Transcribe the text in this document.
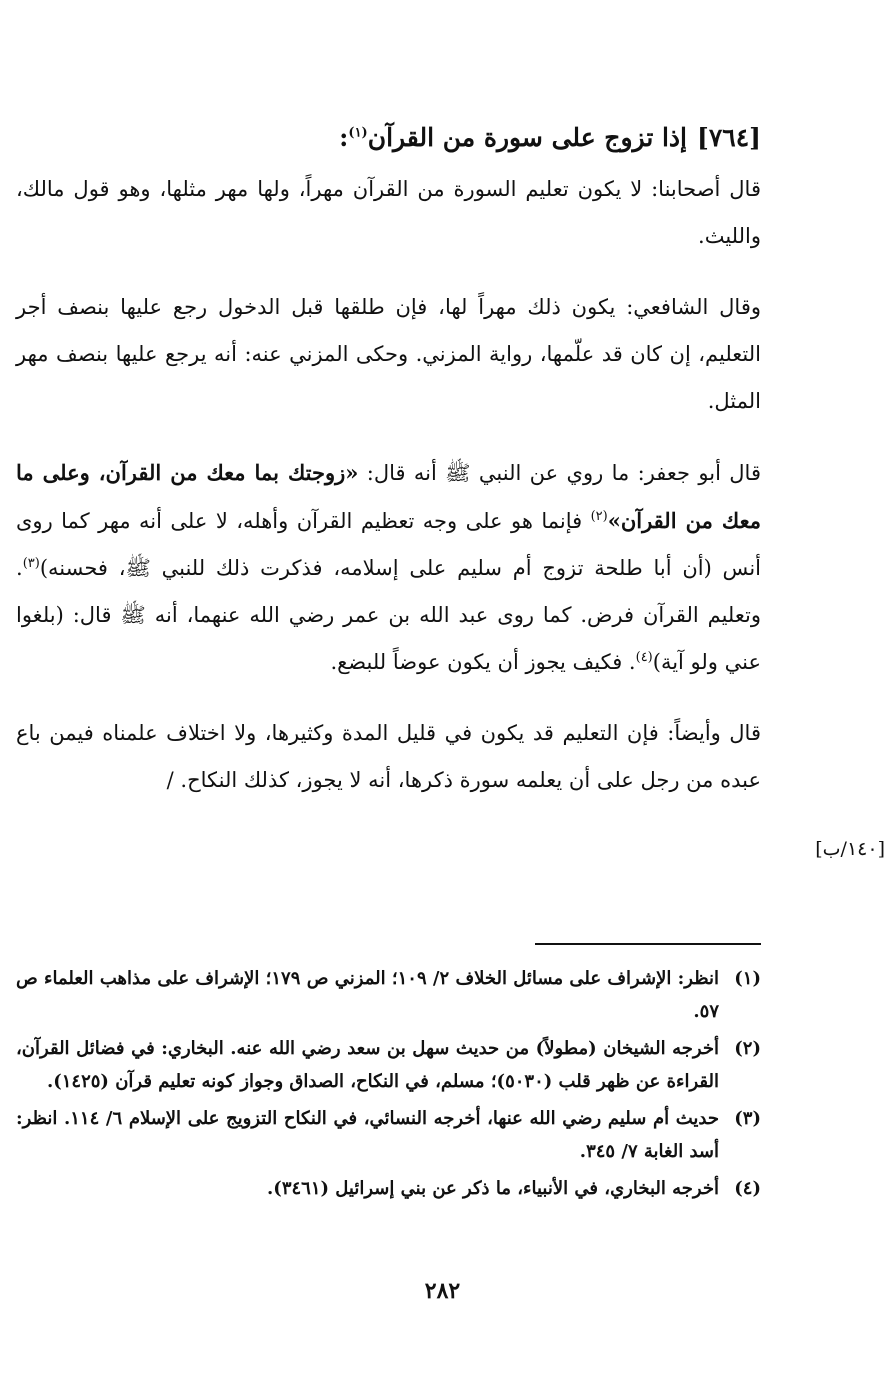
[٧٦٤]إذا تزوج على سورة من القرآن$^{(١)}$:

قال أصحابنا: لا يكون تعليم السورة من القرآن مهراً، ولها مهر مثلها، وهو قول مالك، والليث.

وقال الشافعي: يكون ذلك مهراً لها، فإن طلقها قبل الدخول رجع عليها بنصف أجر التعليم، إن كان قد علّمها، رواية المزني. وحكى المزني عنه: أنه يرجع عليها بنصف مهر المثل.

قال أبو جعفر: ما روي عن النبي ﷺ أنه قال: «زوجتك بما معك من القرآن، وعلى ما معك من القرآن»$^{(٢)}$ فإنما هو على وجه تعظيم القرآن وأهله، لا على أنه مهر كما روى أنس (أن أبا طلحة تزوج أم سليم على إسلامه، فذكرت ذلك للنبي ﷺ، فحسنه)$^{(٣)}$. وتعليم القرآن فرض. كما روى عبد الله بن عمر رضي الله عنهما، أنه ﷺ قال: (بلغوا عني ولو آية)$^{(٤)}$. فكيف يجوز أن يكون عوضاً للبضع.

قال وأيضاً: فإن التعليم قد يكون في قليل المدة وكثيرها، ولا اختلاف علمناه فيمن باع عبده من رجل على أن يعلمه سورة ذكرها، أنه لا يجوز، كذلك النكاح. /

[١٤٠/ب]
(١)
انظر: الإشراف على مسائل الخلاف ٢/ ١٠٩؛ المزني ص ١٧٩؛ الإشراف على مذاهب العلماء ص ٥٧.
(٢)
أخرجه الشيخان (مطولاً) من حديث سهل بن سعد رضي الله عنه. البخاري: في فضائل القرآن، القراءة عن ظهر قلب (٥٠٣٠)؛ مسلم، في النكاح، الصداق وجواز كونه تعليم قرآن (١٤٢٥).
(٣)
حديث أم سليم رضي الله عنها، أخرجه النسائي، في النكاح التزويج على الإسلام ٦/ ١١٤. انظر: أسد الغابة ٧/ ٣٤٥.
(٤)
أخرجه البخاري، في الأنبياء، ما ذكر عن بني إسرائيل (٣٤٦١).
٢٨٢
